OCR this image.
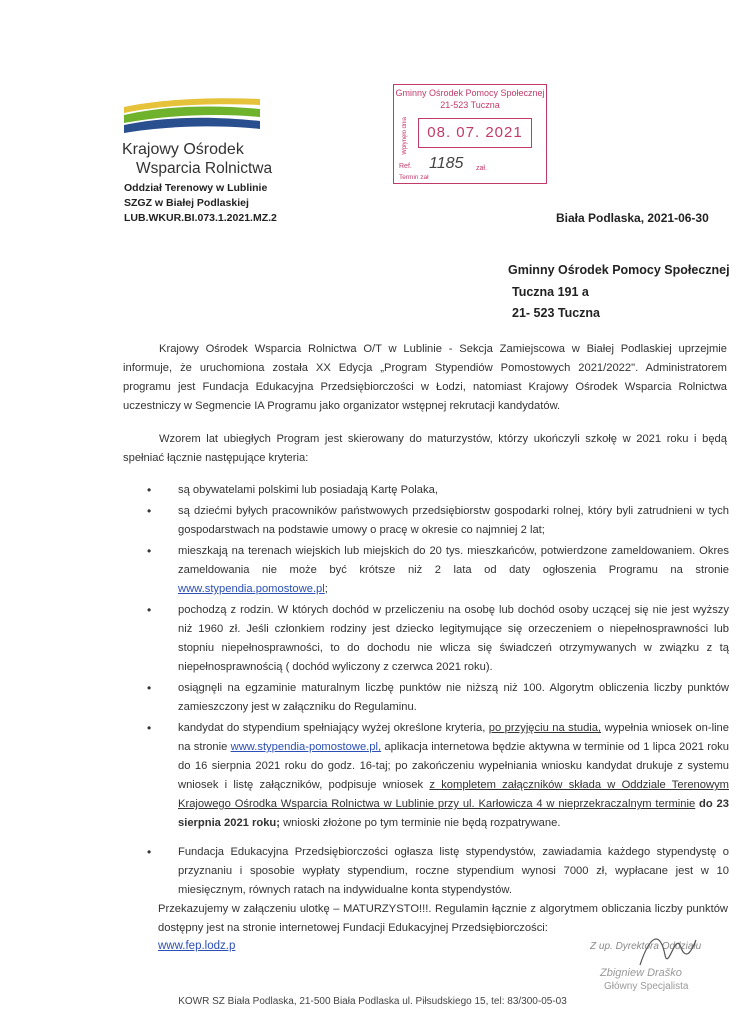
Krajowy Ośrodek
Wsparcia Rolnictwa
Oddział Terenowy w Lublinie
SZGZ w Białej Podlaskiej
LUB.WKUR.BI.073.1.2021.MZ.2
Gminny Ośrodek Pomocy Społecznej
21-523 Tuczna
Wpłynęło dnia	08. 07. 2021
Ref. 1185 zał.
Termin zał
Biała Podlaska, 2021-06-30
Gminny Ośrodek Pomocy Społecznej
Tuczna 191 a
21- 523 Tuczna
Krajowy Ośrodek Wsparcia Rolnictwa O/T w Lublinie - Sekcja Zamiejscowa w Białej Podlaskiej uprzejmie informuje, że uruchomiona została XX Edycja „Program Stypendiów Pomostowych 2021/2022". Administratorem programu jest Fundacja Edukacyjna Przedsiębiorczości w Łodzi, natomiast Krajowy Ośrodek Wsparcia Rolnictwa uczestniczy w Segmencie IA Programu jako organizator wstępnej rekrutacji kandydatów.
Wzorem lat ubiegłych Program jest skierowany do maturzystów, którzy ukończyli szkołę w 2021 roku i będą spełniać łącznie następujące kryteria:
• są obywatelami polskimi lub posiadają Kartę Polaka,
• są dziećmi byłych pracowników państwowych przedsiębiorstw gospodarki rolnej, który byli zatrudnieni w tych gospodarstwach na podstawie umowy o pracę w okresie co najmniej 2 lat;
• mieszkają na terenach wiejskich lub miejskich do 20 tys. mieszkańców, potwierdzone zameldowaniem. Okres zameldowania nie może być krótsze niż 2 lata od daty ogłoszenia Programu na stronie www.stypendia.pomostowe.pl;
• pochodzą z rodzin. W których dochód w przeliczeniu na osobę lub dochód osoby uczącej się nie jest wyższy niż 1960 zł. Jeśli członkiem rodziny jest dziecko legitymujące się orzeczeniem o niepełnosprawności lub stopniu niepełnosprawności, to do dochodu nie wlicza się świadczeń otrzymywanych w związku z tą niepełnosprawnością ( dochód wyliczony z czerwca 2021 roku).
• osiągnęli na egzaminie maturalnym liczbę punktów nie niższą niż 100. Algorytm obliczenia liczby punktów zamieszczony jest w załączniku do Regulaminu.
• kandydat do stypendium spełniający wyżej określone kryteria, po przyjęciu na studia, wypełnia wniosek on-line na stronie www.stypendia-pomostowe.pl, aplikacja internetowa będzie aktywna w terminie od 1 lipca 2021 roku do 16 sierpnia 2021 roku do godz. 16-taj; po zakończeniu wypełniania wniosku kandydat drukuje z systemu wniosek i listę załączników, podpisuje wniosek z kompletem załączników składa w Oddziale Terenowym Krajowego Ośrodka Wsparcia Rolnictwa w Lublinie przy ul. Karłowicza 4 w nieprzekraczalnym terminie do 23 sierpnia 2021 roku; wnioski złożone po tym terminie nie będą rozpatrywane.
• Fundacja Edukacyjna Przedsiębiorczości ogłasza listę stypendystów, zawiadamia każdego stypendystę o przyznaniu i sposobie wypłaty stypendium, roczne stypendium wynosi 7000 zł, wypłacane jest w 10 miesięcznym, równych ratach na indywidualne konta stypendystów.
Przekazujemy w załączeniu ulotkę – MATURZYSTO!!!. Regulamin łącznie z algorytmem obliczania liczby punktów dostępny jest na stronie internetowej Fundacji Edukacyjnej Przedsiębiorczości:
www.fep.lodz.p	Z up. Dyrektora Oddziału
Zbigniew Draško
Główny Specjalista
KOWR SZ Biała Podlaska, 21-500 Biała Podlaska ul. Piłsudskiego 15, tel: 83/300-05-03
